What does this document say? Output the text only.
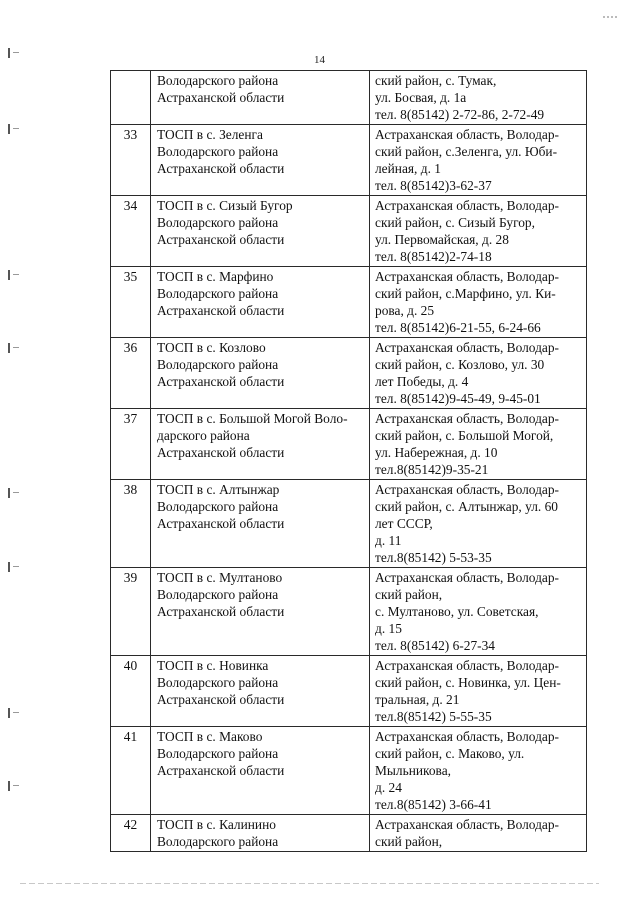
14

	Володарского района
Астраханской области	ский район, с. Тумак,
ул. Босвая, д. 1а
тел. 8(85142) 2-72-86, 2-72-49

33	ТОСП в с. Зеленга
Володарского района
Астраханской области	Астраханская область, Володар-
ский район, с.Зеленга, ул. Юби-
лейная, д. 1
тел. 8(85142)3-62-37

34	ТОСП в с. Сизый Бугор
Володарского района
Астраханской области	Астраханская область, Володар-
ский район, с. Сизый Бугор,
ул. Первомайская, д. 28
тел. 8(85142)2-74-18

35	ТОСП в с. Марфино
Володарского района
Астраханской области	Астраханская область, Володар-
ский район, с.Марфино, ул. Ки-
рова, д. 25
тел. 8(85142)6-21-55, 6-24-66

36	ТОСП в с. Козлово
Володарского района
Астраханской области	Астраханская область, Володар-
ский район, с. Козлово, ул. 30
лет Победы, д. 4
тел. 8(85142)9-45-49, 9-45-01

37	ТОСП в с. Большой Могой Воло-
дарского района
Астраханской области	Астраханская область, Володар-
ский район, с. Большой Могой,
ул. Набережная, д. 10
тел.8(85142)9-35-21

38	ТОСП в с. Алтынжар
Володарского района
Астраханской области	Астраханская область, Володар-
ский район, с. Алтынжар, ул. 60
лет СССР,
д. 11
тел.8(85142) 5-53-35

39	ТОСП в с. Мултаново
Володарского района
Астраханской области	Астраханская область, Володар-
ский район,
с. Мултаново, ул. Советская,
д. 15
тел. 8(85142) 6-27-34

40	ТОСП в с. Новинка
Володарского района
Астраханской области	Астраханская область, Володар-
ский район, с. Новинка, ул. Цен-
тральная, д. 21
тел.8(85142) 5-55-35

41	ТОСП в с. Маково
Володарского района
Астраханской области	Астраханская область, Володар-
ский район, с. Маково, ул.
Мыльникова,
д. 24
тел.8(85142) 3-66-41

42	ТОСП в с. Калинино
Володарского района	Астраханская область, Володар-
ский район,
